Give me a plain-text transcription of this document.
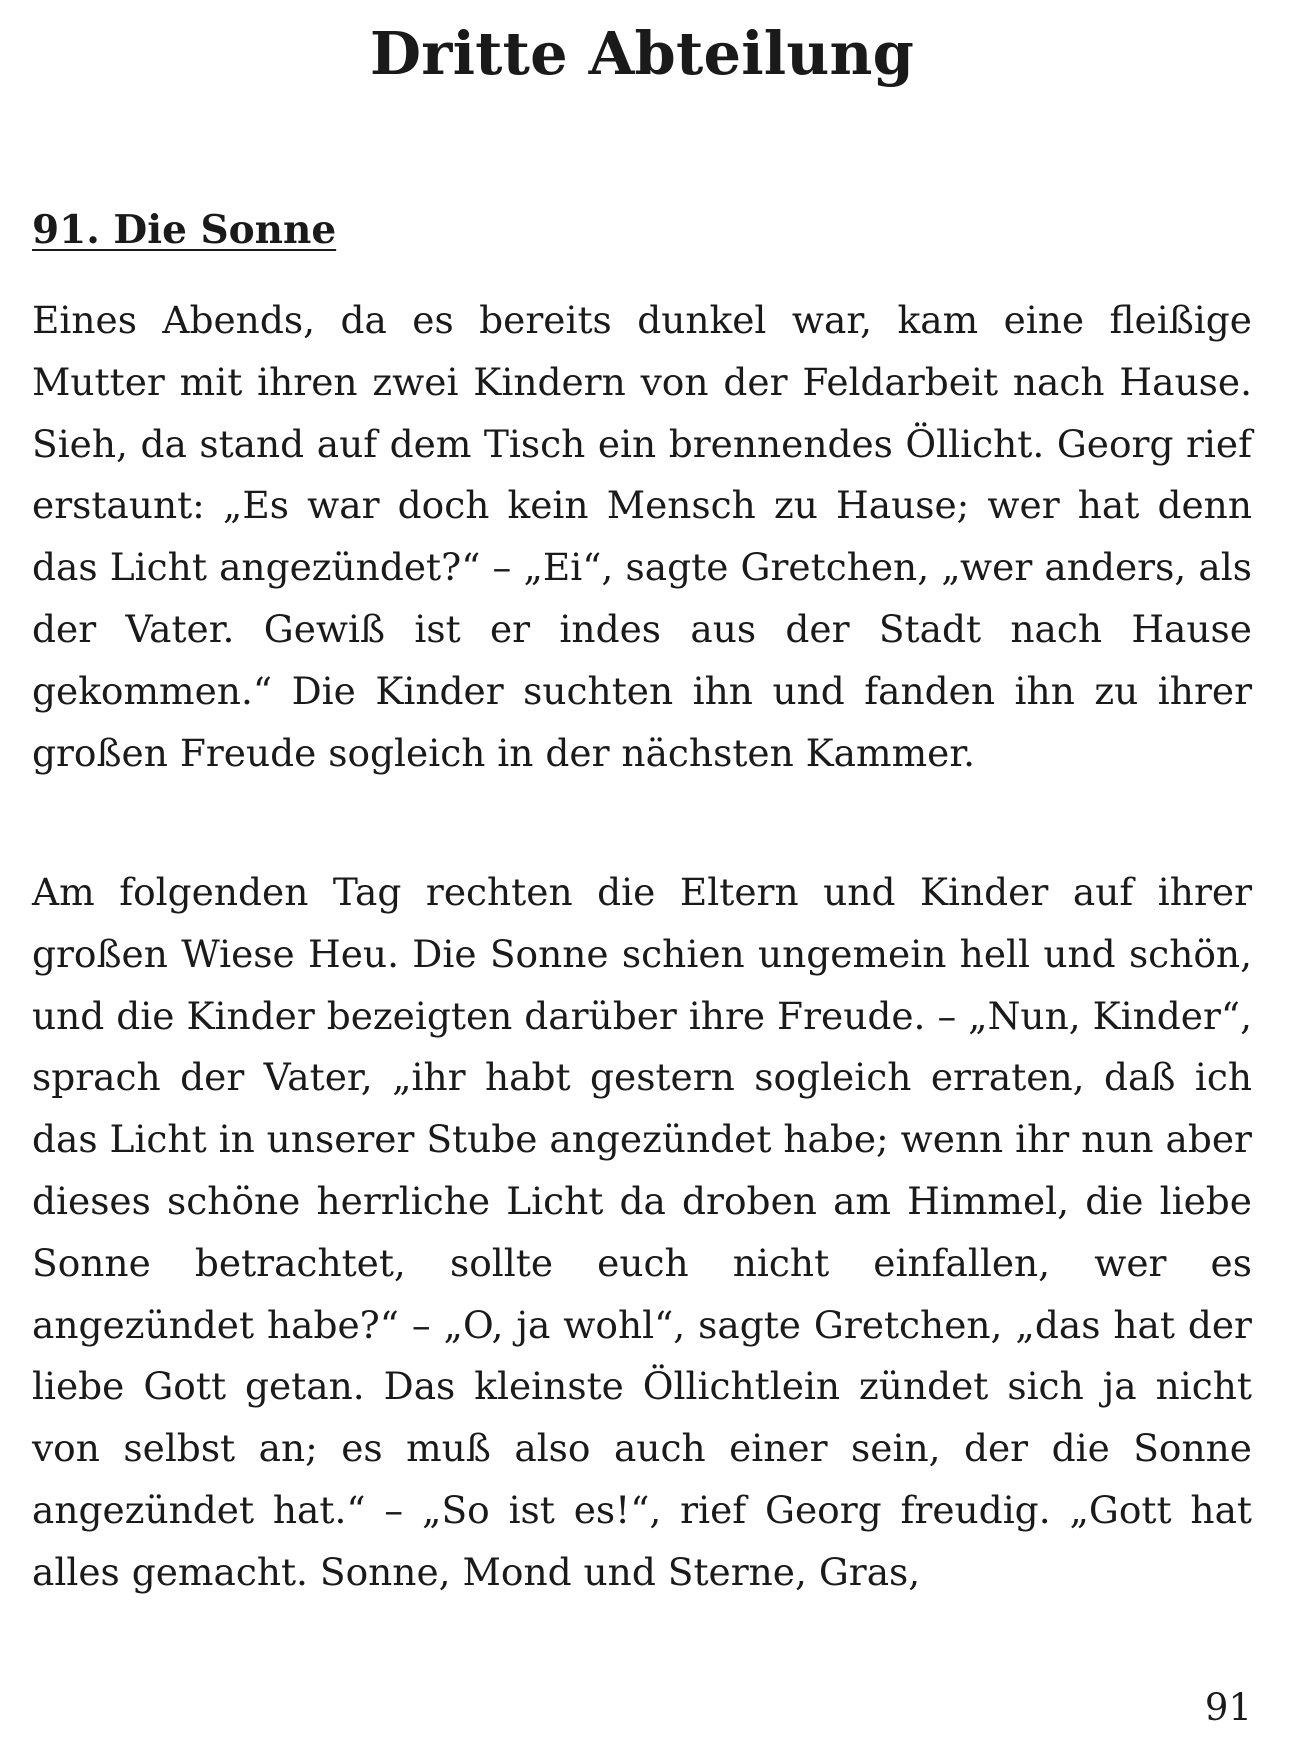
Dritte Abteilung
91. Die Sonne

Eines Abends, da es bereits dunkel war, kam eine fleißige Mutter mit ihren zwei Kindern von der Feldarbeit nach Hause. Sieh, da stand auf dem Tisch ein brennendes Öllicht. Georg rief erstaunt: „Es war doch kein Mensch zu Hause; wer hat denn das Licht angezündet?“ – „Ei“, sagte Gretchen, „wer anders, als der Vater. Gewiß ist er indes aus der Stadt nach Hause gekommen.“ Die Kinder suchten ihn und fanden ihn zu ihrer großen Freude sogleich in der nächsten Kammer.

Am folgenden Tag rechten die Eltern und Kinder auf ihrer großen Wiese Heu. Die Sonne schien ungemein hell und schön, und die Kinder bezeigten darüber ihre Freude. – „Nun, Kinder“, sprach der Vater, „ihr habt gestern sogleich erraten, daß ich das Licht in unserer Stube angezündet habe; wenn ihr nun aber dieses schöne herrliche Licht da droben am Himmel, die liebe Sonne betrachtet, sollte euch nicht einfallen, wer es angezündet habe?“ – „O, ja wohl“, sagte Gretchen, „das hat der liebe Gott getan. Das kleinste Öllichtlein zündet sich ja nicht von selbst an; es muß also auch einer sein, der die Sonne angezündet hat.“ – „So ist es!“, rief Georg freudig. „Gott hat alles gemacht. Sonne, Mond und Sterne, Gras,

91
